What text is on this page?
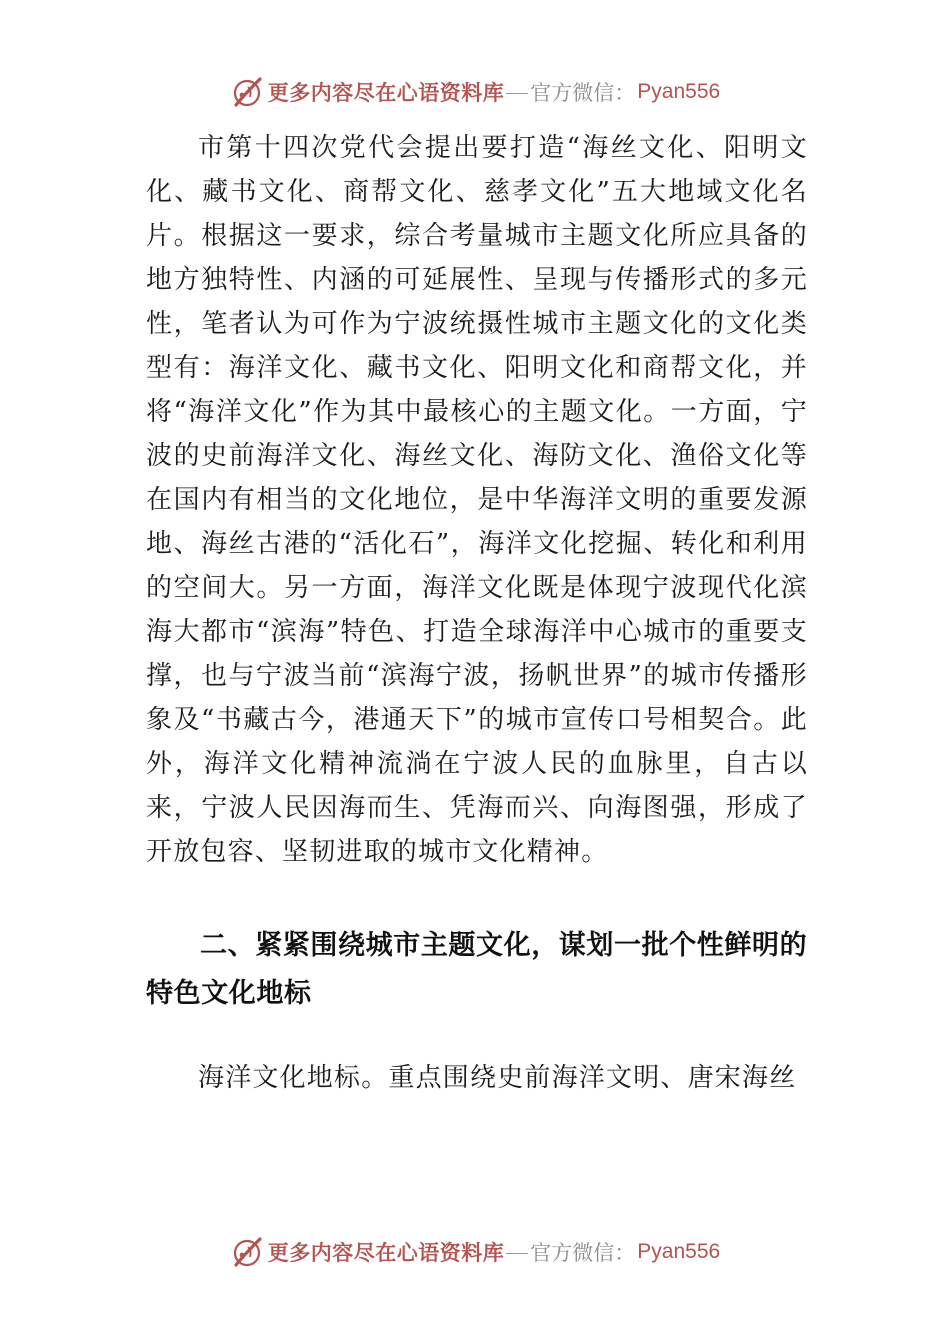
更多内容尽在心语资料库 官方微信： Pyan556

市第十四次党代会提出要打造“海丝文化、阳明文化、藏书文化、商帮文化、慈孝文化”五大地域文化名片。根据这一要求，综合考量城市主题文化所应具备的地方独特性、内涵的可延展性、呈现与传播形式的多元性，笔者认为可作为宁波统摄性城市主题文化的文化类型有：海洋文化、藏书文化、阳明文化和商帮文化，并将“海洋文化”作为其中最核心的主题文化。一方面，宁波的史前海洋文化、海丝文化、海防文化、渔俗文化等在国内有相当的文化地位，是中华海洋文明的重要发源地、海丝古港的“活化石”，海洋文化挖掘、转化和利用的空间大。另一方面，海洋文化既是体现宁波现代化滨海大都市“滨海”特色、打造全球海洋中心城市的重要支撑，也与宁波当前“滨海宁波，扬帆世界”的城市传播形象及“书藏古今，港通天下”的城市宣传口号相契合。此外，海洋文化精神流淌在宁波人民的血脉里，自古以来，宁波人民因海而生、凭海而兴、向海图强，形成了开放包容、坚韧进取的城市文化精神。

二、紧紧围绕城市主题文化，谋划一批个性鲜明的特色文化地标

海洋文化地标。重点围绕史前海洋文明、唐宋海丝

更多内容尽在心语资料库 官方微信： Pyan556
